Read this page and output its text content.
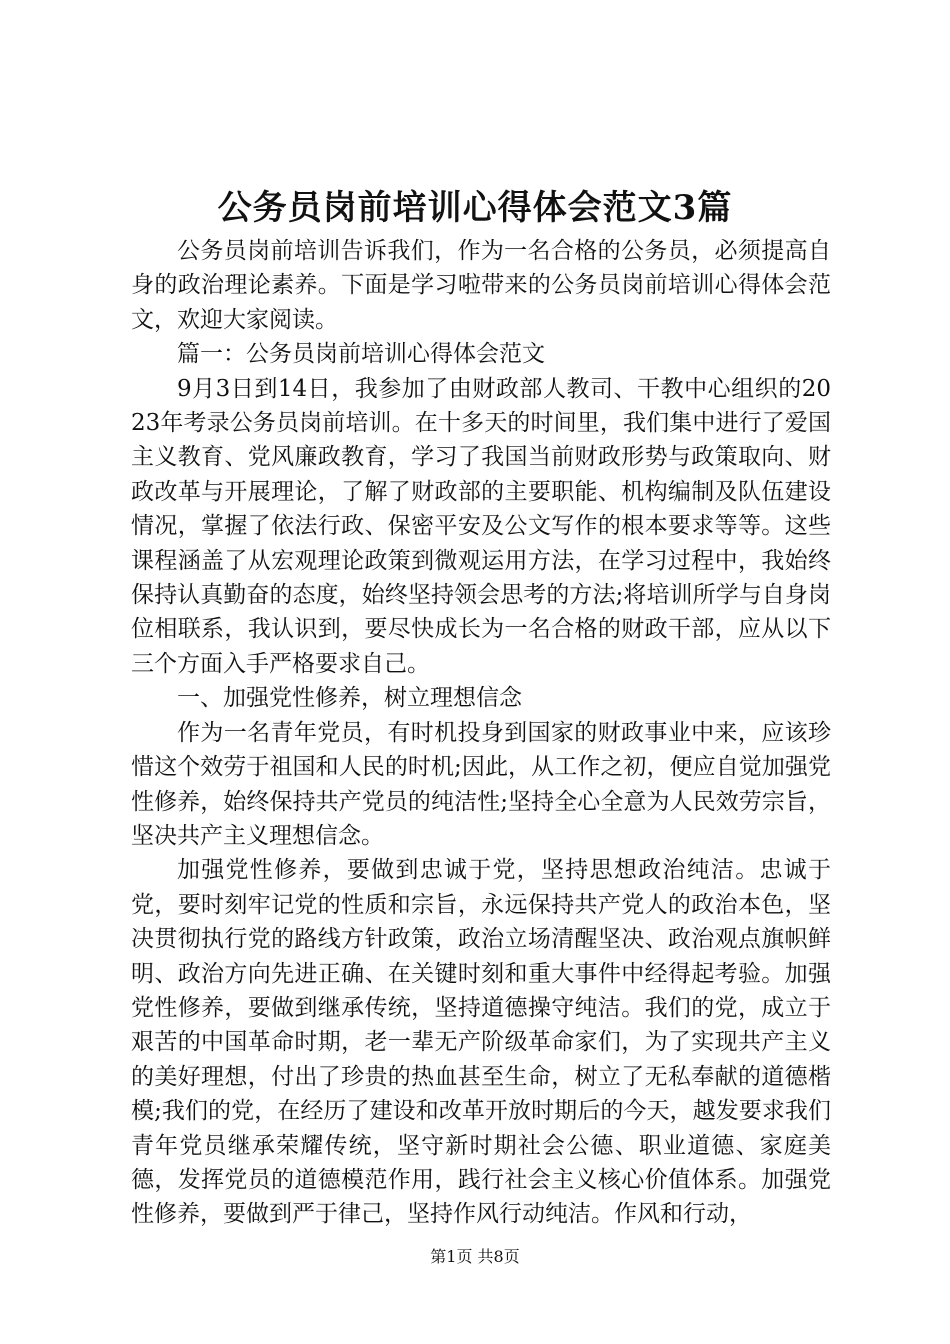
公务员岗前培训心得体会范文3篇

公务员岗前培训告诉我们，作为一名合格的公务员，必须提高自身的政治理论素养。下面是学习啦带来的公务员岗前培训心得体会范文，欢迎大家阅读。

篇一：公务员岗前培训心得体会范文

9月3日到14日，我参加了由财政部人教司、干教中心组织的2023年考录公务员岗前培训。在十多天的时间里，我们集中进行了爱国主义教育、党风廉政教育，学习了我国当前财政形势与政策取向、财政改革与开展理论，了解了财政部的主要职能、机构编制及队伍建设情况，掌握了依法行政、保密平安及公文写作的根本要求等等。这些课程涵盖了从宏观理论政策到微观运用方法，在学习过程中，我始终保持认真勤奋的态度，始终坚持领会思考的方法;将培训所学与自身岗位相联系，我认识到，要尽快成长为一名合格的财政干部，应从以下三个方面入手严格要求自己。

一、加强党性修养，树立理想信念

作为一名青年党员，有时机投身到国家的财政事业中来，应该珍惜这个效劳于祖国和人民的时机;因此，从工作之初，便应自觉加强党性修养，始终保持共产党员的纯洁性;坚持全心全意为人民效劳宗旨，坚决共产主义理想信念。

加强党性修养，要做到忠诚于党，坚持思想政治纯洁。忠诚于党，要时刻牢记党的性质和宗旨，永远保持共产党人的政治本色，坚决贯彻执行党的路线方针政策，政治立场清醒坚决、政治观点旗帜鲜明、政治方向先进正确、在关键时刻和重大事件中经得起考验。加强党性修养，要做到继承传统，坚持道德操守纯洁。我们的党，成立于艰苦的中国革命时期，老一辈无产阶级革命家们，为了实现共产主义的美好理想，付出了珍贵的热血甚至生命，树立了无私奉献的道德楷模;我们的党，在经历了建设和改革开放时期后的今天，越发要求我们青年党员继承荣耀传统，坚守新时期社会公德、职业道德、家庭美德，发挥党员的道德模范作用，践行社会主义核心价值体系。加强党性修养，要做到严于律己，坚持作风行动纯洁。作风和行动，

第1页 共8页
